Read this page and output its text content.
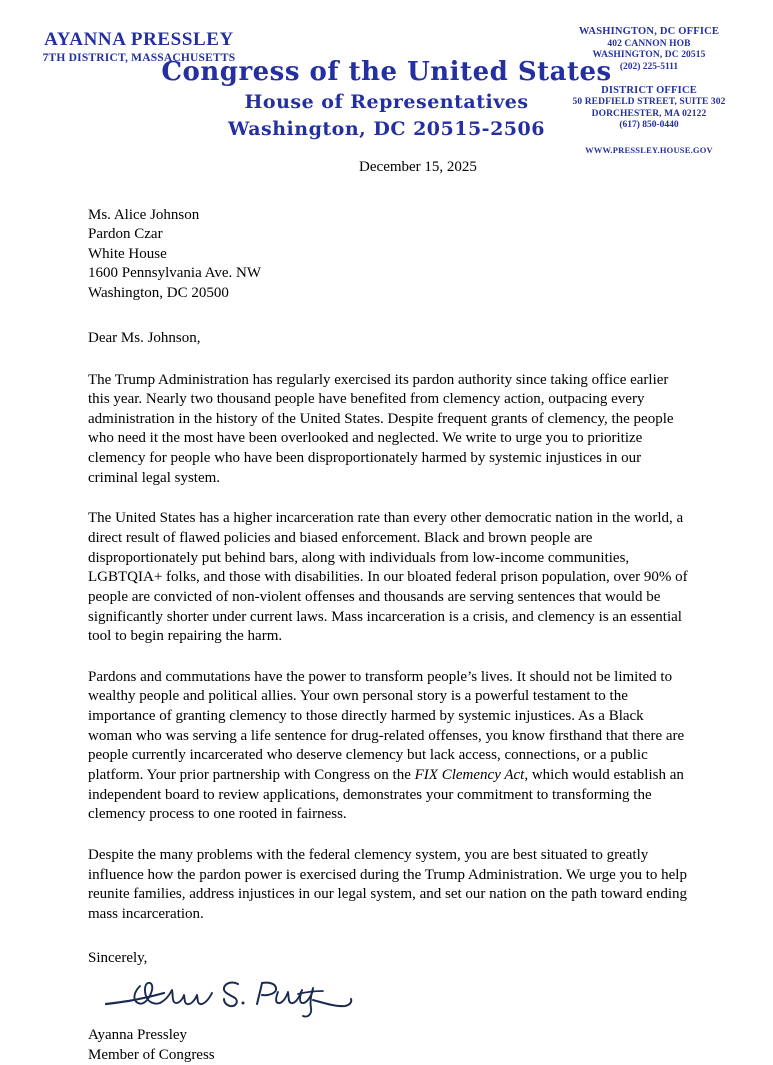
AYANNA PRESSLEY
7TH DISTRICT, MASSACHUSETTS
Congress of the United States
House of Representatives
Washington, DC 20515-2506
WASHINGTON, DC OFFICE
402 CANNON HOB
WASHINGTON, DC 20515
(202) 225-5111
DISTRICT OFFICE
50 REDFIELD STREET, SUITE 302
DORCHESTER, MA 02122
(617) 850-0440
WWW.PRESSLEY.HOUSE.GOV
December 15, 2025
Ms. Alice Johnson
Pardon Czar
White House
1600 Pennsylvania Ave. NW
Washington, DC 20500
Dear Ms. Johnson,

The Trump Administration has regularly exercised its pardon authority since taking office earlier this year. Nearly two thousand people have benefited from clemency action, outpacing every administration in the history of the United States. Despite frequent grants of clemency, the people who need it the most have been overlooked and neglected. We write to urge you to prioritize clemency for people who have been disproportionately harmed by systemic injustices in our criminal legal system.

The United States has a higher incarceration rate than every other democratic nation in the world, a direct result of flawed policies and biased enforcement. Black and brown people are disproportionately put behind bars, along with individuals from low-income communities, LGBTQIA+ folks, and those with disabilities. In our bloated federal prison population, over 90% of people are convicted of non-violent offenses and thousands are serving sentences that would be significantly shorter under current laws. Mass incarceration is a crisis, and clemency is an essential tool to begin repairing the harm.

Pardons and commutations have the power to transform people’s lives. It should not be limited to wealthy people and political allies. Your own personal story is a powerful testament to the importance of granting clemency to those directly harmed by systemic injustices. As a Black woman who was serving a life sentence for drug-related offenses, you know firsthand that there are people currently incarcerated who deserve clemency but lack access, connections, or a public platform. Your prior partnership with Congress on the FIX Clemency Act, which would establish an independent board to review applications, demonstrates your commitment to transforming the clemency process to one rooted in fairness.

Despite the many problems with the federal clemency system, you are best situated to greatly influence how the pardon power is exercised during the Trump Administration. We urge you to help reunite families, address injustices in our legal system, and set our nation on the path toward ending mass incarceration.

Sincerely,
Ayanna Pressley
Member of Congress
